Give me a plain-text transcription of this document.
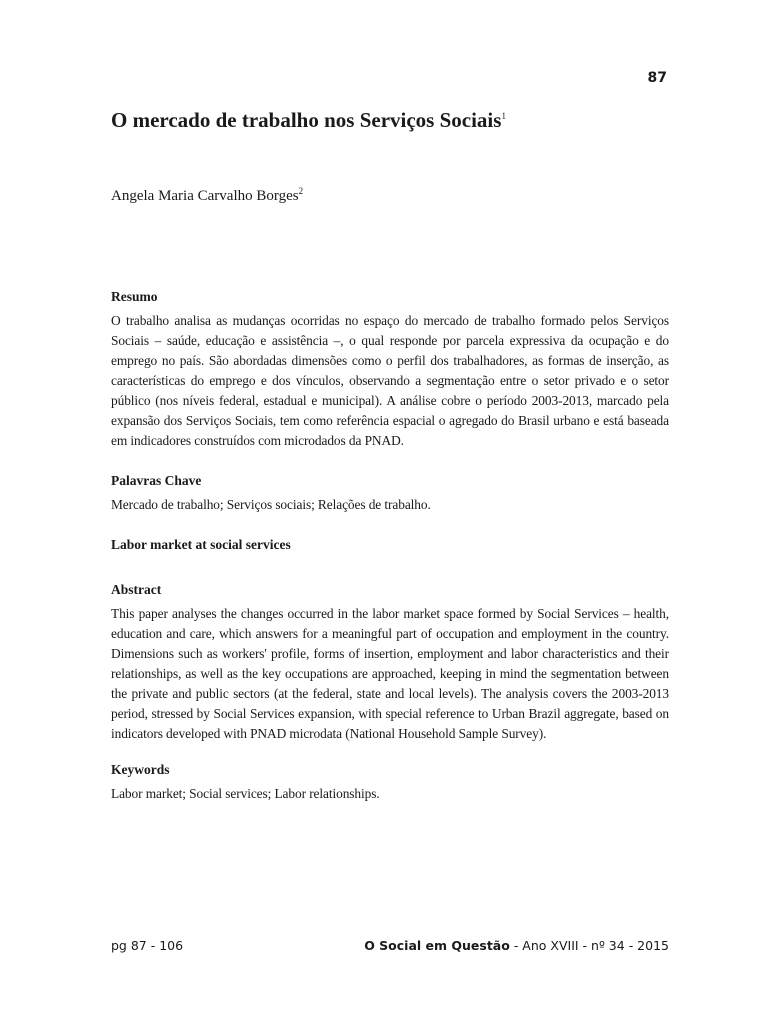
87
O mercado de trabalho nos Serviços Sociais$^1$
Angela Maria Carvalho Borges$^2$
Resumo

O trabalho analisa as mudanças ocorridas no espaço do mercado de trabalho formado pelos Serviços Sociais – saúde, educação e assistência –, o qual responde por parcela expressiva da ocupação e do emprego no país. São abordadas dimensões como o perfil dos trabalhadores, as formas de inserção, as características do emprego e dos vínculos, observando a segmentação entre o setor privado e o setor público (nos níveis federal, estadual e municipal). A análise cobre o período 2003-2013, marcado pela expansão dos Serviços Sociais, tem como referência espacial o agregado do Brasil urbano e está baseada em indicadores construídos com microdados da PNAD.

Palavras Chave

Mercado de trabalho; Serviços sociais; Relações de trabalho.

Labor market at social services
Abstract

This paper analyses the changes occurred in the labor market space formed by Social Services – health, education and care, which answers for a meaningful part of occupation and employment in the country. Dimensions such as workers' profile, forms of insertion, employment and labor characteristics and their relationships, as well as the key occupations are approached, keeping in mind the segmentation between the private and public sectors (at the federal, state and local levels). The analysis covers the 2003-2013 period, stressed by Social Services expansion, with special reference to Urban Brazil aggregate, based on indicators developed with PNAD microdata (National Household Sample Survey).

Keywords

Labor market; Social services; Labor relationships.

pg 87 - 106	O Social em Questão - Ano XVIII - nº 34 - 2015
